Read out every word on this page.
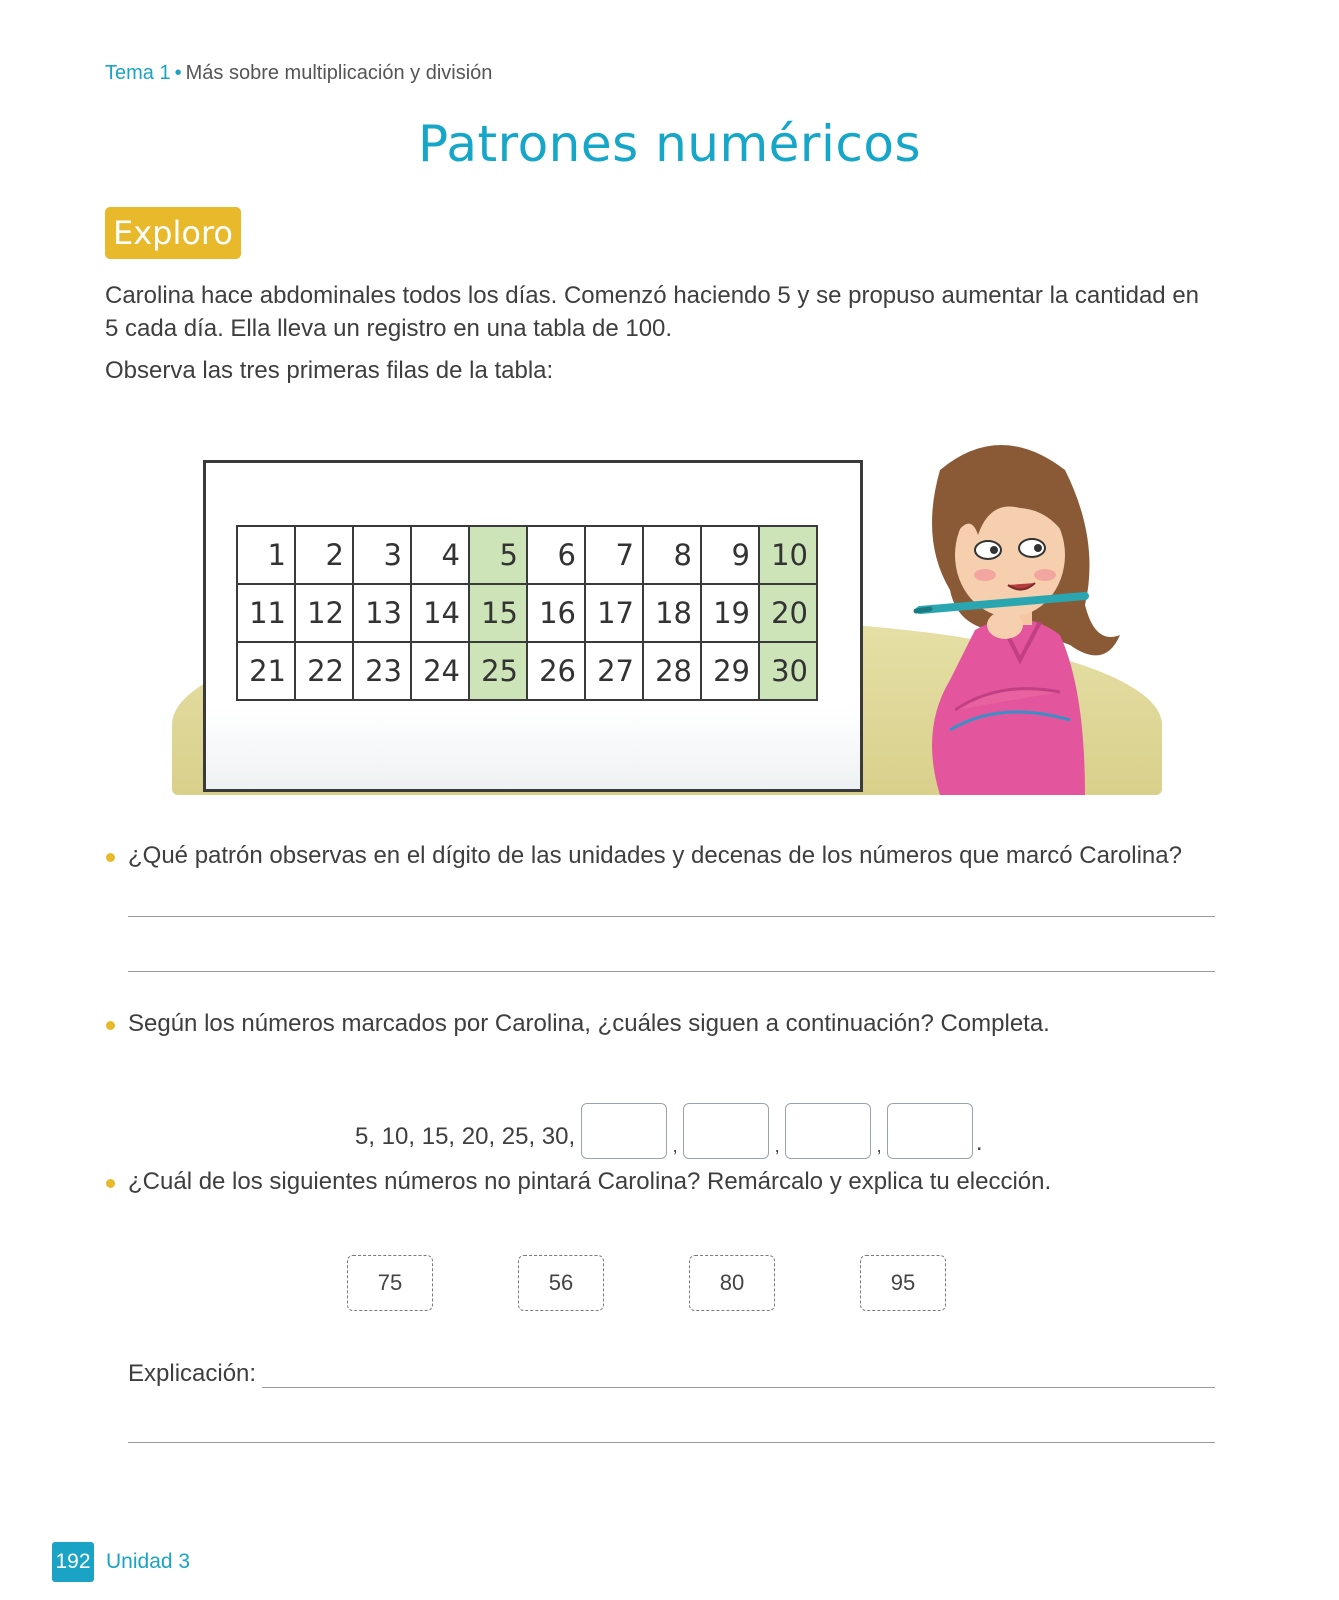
Tema 1 • Más sobre multiplicación y división
Patrones numéricos
Exploro
Carolina hace abdominales todos los días. Comenzó haciendo 5 y se propuso aumentar la cantidad en 5 cada día. Ella lleva un registro en una tabla de 100.
Observa las tres primeras filas de la tabla:
1	2	3	4	5	6	7	8	9	10
11	12	13	14	15	16	17	18	19	20
21	22	23	24	25	26	27	28	29	30
¿Qué patrón observas en el dígito de las unidades y decenas de los números que marcó Carolina?
Según los números marcados por Carolina, ¿cuáles siguen a continuación? Completa.
5, 10, 15, 20, 25, 30,	,	,	,	.
¿Cuál de los siguientes números no pintará Carolina? Remárcalo y explica tu elección.
75	56	80	95
Explicación:
192 Unidad 3
